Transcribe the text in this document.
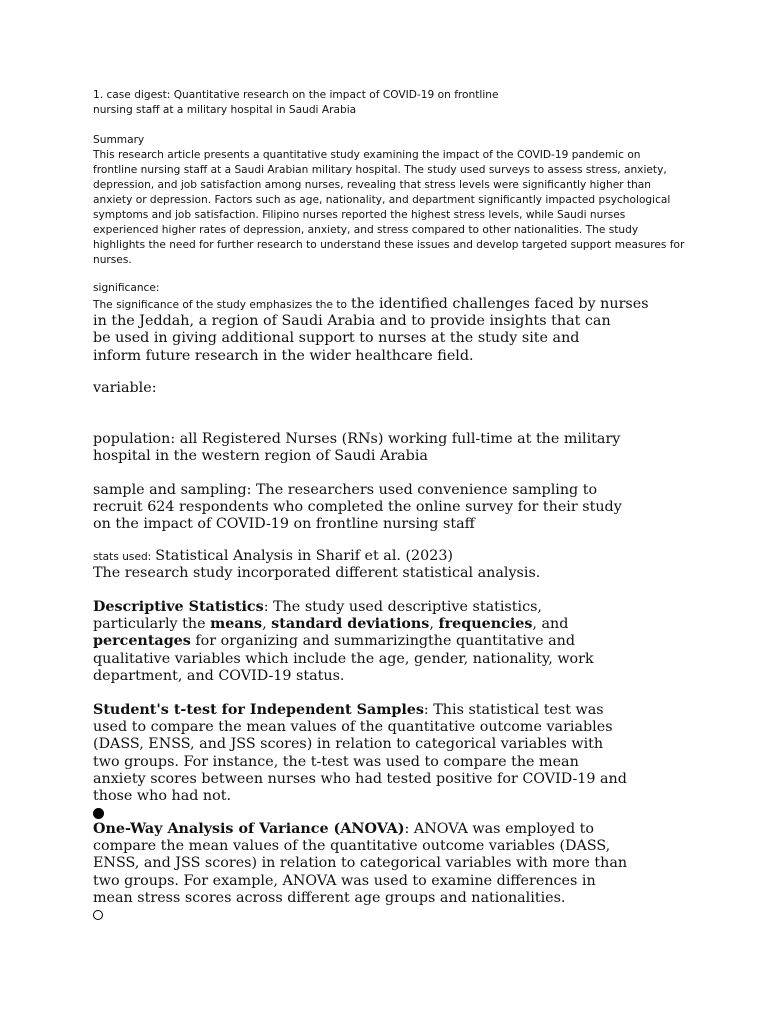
1. case digest: Quantitative research on the impact of COVID-19 on frontline

nursing staff at a military hospital in Saudi Arabia

Summary

This research article presents a quantitative study examining the impact of the COVID-19 pandemic on

frontline nursing staff at a Saudi Arabian military hospital. The study used surveys to assess stress, anxiety,

depression, and job satisfaction among nurses, revealing that stress levels were significantly higher than

anxiety or depression. Factors such as age, nationality, and department significantly impacted psychological

symptoms and job satisfaction. Filipino nurses reported the highest stress levels, while Saudi nurses

experienced higher rates of depression, anxiety, and stress compared to other nationalities. The study

highlights the need for further research to understand these issues and develop targeted support measures for

nurses.

significance:

The significance of the study emphasizes the to the identified challenges faced by nurses

in the Jeddah, a region of Saudi Arabia and to provide insights that can

be used in giving additional support to nurses at the study site and

inform future research in the wider healthcare field.

variable:

population: all Registered Nurses (RNs) working full-time at the military

hospital in the western region of Saudi Arabia

sample and sampling: The researchers used convenience sampling to

recruit 624 respondents who completed the online survey for their study

on the impact of COVID-19 on frontline nursing staff

stats used: Statistical Analysis in Sharif et al. (2023)

The research study incorporated different statistical analysis.

Descriptive Statistics: The study used descriptive statistics,

particularly the means, standard deviations, frequencies, and

percentages for organizing and summarizingthe quantitative and

qualitative variables which include the age, gender, nationality, work

department, and COVID-19 status.

Student's t-test for Independent Samples: This statistical test was

used to compare the mean values of the quantitative outcome variables

(DASS, ENSS, and JSS scores) in relation to categorical variables with

two groups. For instance, the t-test was used to compare the mean

anxiety scores between nurses who had tested positive for COVID-19 and

those who had not.

One-Way Analysis of Variance (ANOVA): ANOVA was employed to

compare the mean values of the quantitative outcome variables (DASS,

ENSS, and JSS scores) in relation to categorical variables with more than

two groups. For example, ANOVA was used to examine differences in

mean stress scores across different age groups and nationalities.
